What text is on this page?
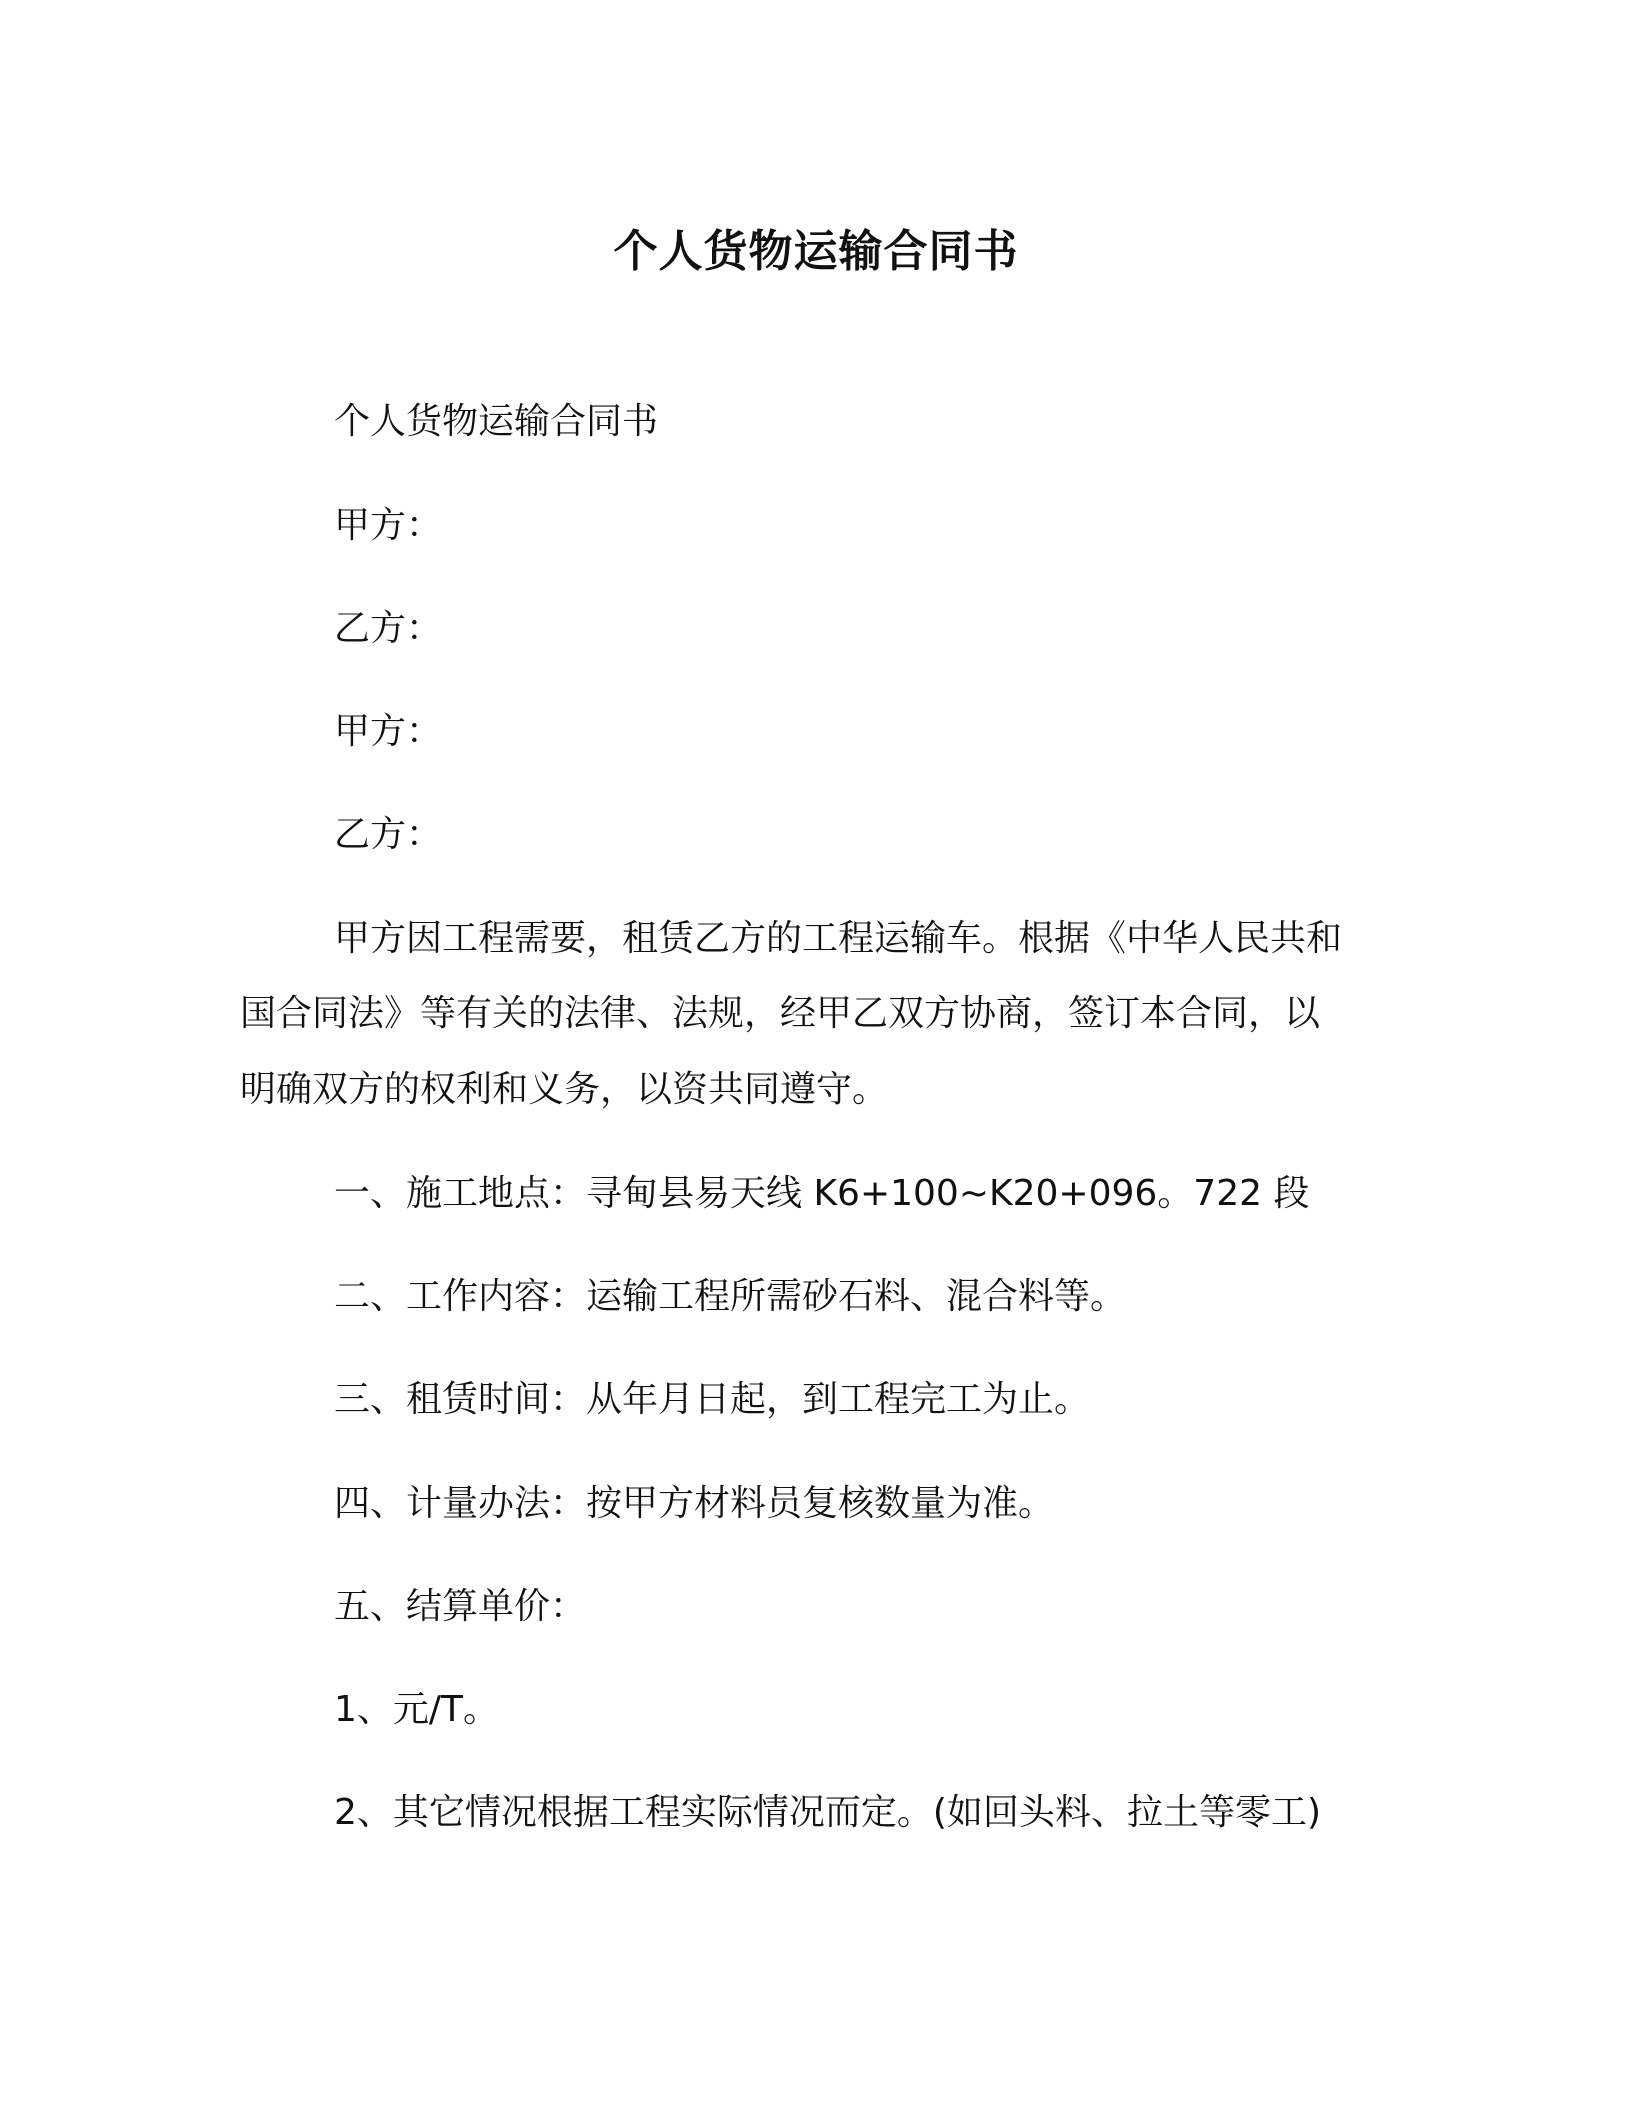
个人货物运输合同书
个人货物运输合同书
甲方：
乙方：
甲方：
乙方：
甲方因工程需要，租赁乙方的工程运输车。根据《中华人民共和
国合同法》等有关的法律、法规，经甲乙双方协商，签订本合同，以
明确双方的权利和义务，以资共同遵守。
一、施工地点：寻甸县易天线 K6+100~K20+096。722 段
二、工作内容：运输工程所需砂石料、混合料等。
三、租赁时间：从年月日起，到工程完工为止。
四、计量办法：按甲方材料员复核数量为准。
五、结算单价：
1、元/T。
2、其它情况根据工程实际情况而定。(如回头料、拉土等零工)
